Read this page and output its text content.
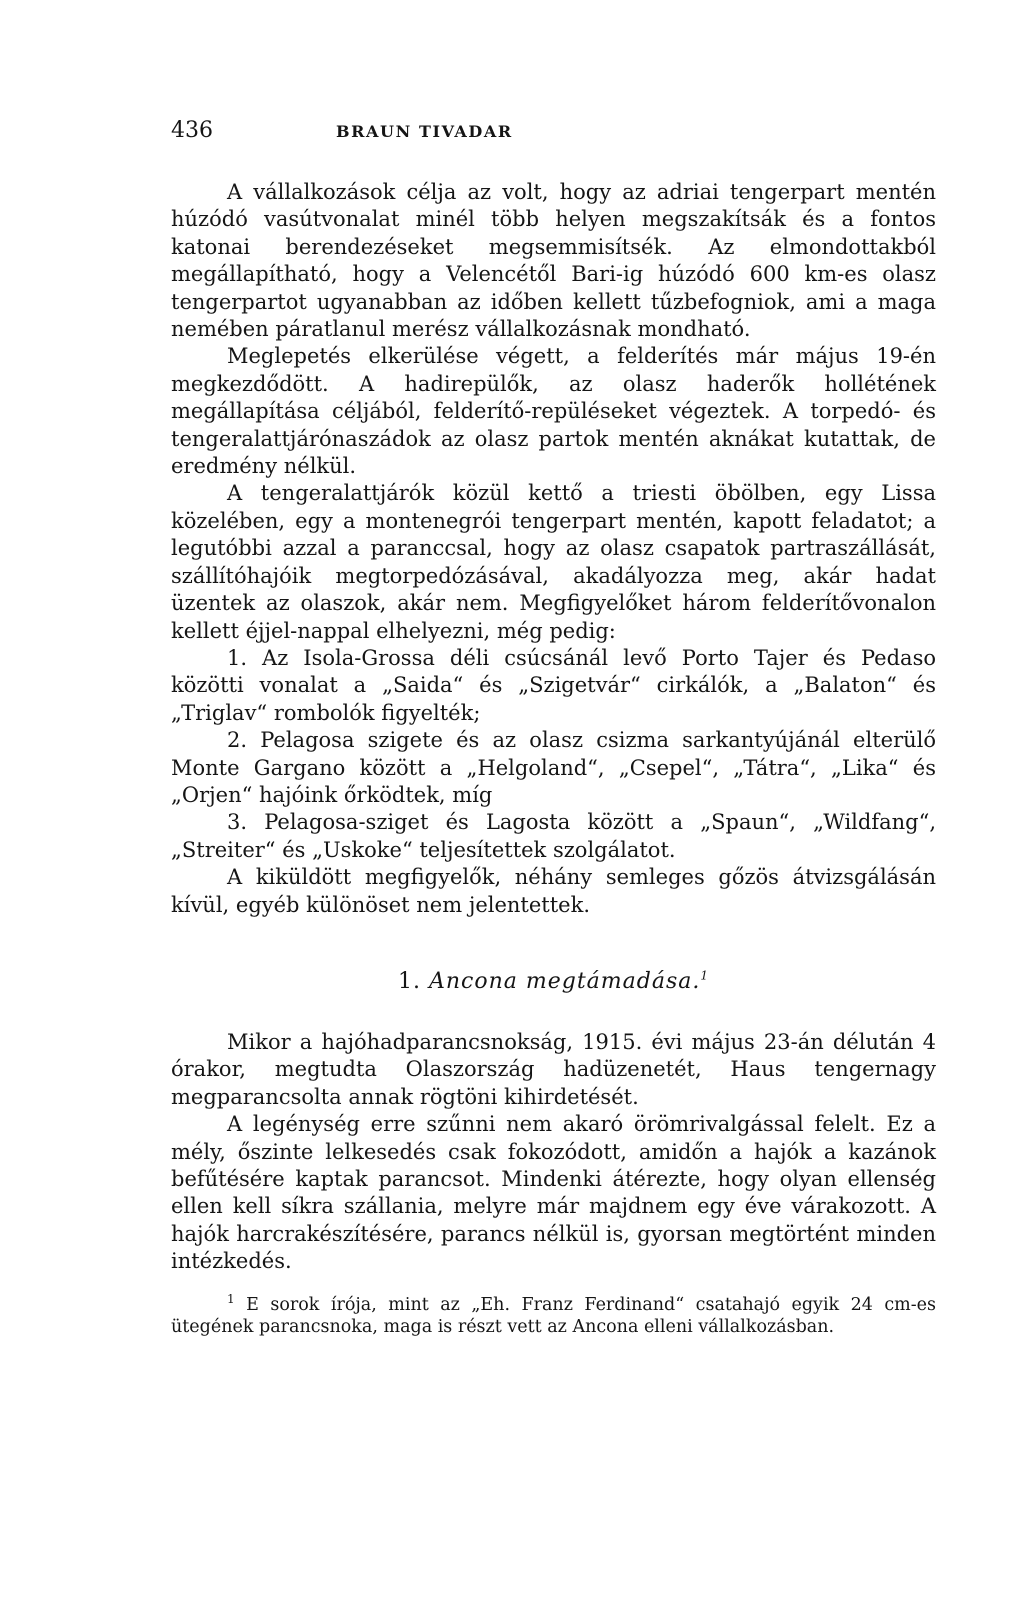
436	BRAUN TIVADAR

A vállalkozások célja az volt, hogy az adriai tengerpart mentén húzódó vasútvonalat minél több helyen megszakítsák és a fontos katonai berendezéseket megsemmisítsék. Az elmondottakból megállapítható, hogy a Velencétől Bari-ig húzódó 600 km-es olasz tengerpartot ugyanabban az időben kellett tűzbefogniok, ami a maga nemében páratlanul merész vállalkozásnak mondható.

Meglepetés elkerülése végett, a felderítés már május 19-én megkezdődött. A hadirepülők, az olasz haderők hollétének megállapítása céljából, felderítő-repüléseket végeztek. A torpedó- és tengeralattjárónaszádok az olasz partok mentén aknákat kutattak, de eredmény nélkül.

A tengeralattjárók közül kettő a triesti öbölben, egy Lissa közelében, egy a montenegrói tengerpart mentén, kapott feladatot; a legutóbbi azzal a paranccsal, hogy az olasz csapatok partraszállását, szállítóhajóik megtorpedózásával, akadályozza meg, akár hadat üzentek az olaszok, akár nem. Megfigyelőket három felderítővonalon kellett éjjel-nappal elhelyezni, még pedig:

1. Az Isola-Grossa déli csúcsánál levő Porto Tajer és Pedaso közötti vonalat a „Saida“ és „Szigetvár“ cirkálók, a „Balaton“ és „Triglav“ rombolók figyelték;

2. Pelagosa szigete és az olasz csizma sarkantyújánál elterülő Monte Gargano között a „Helgoland“, „Csepel“, „Tátra“, „Lika“ és „Orjen“ hajóink őrködtek, míg

3. Pelagosa-sziget és Lagosta között a „Spaun“, „Wildfang“, „Streiter“ és „Uskoke“ teljesítettek szolgálatot.

A kiküldött megfigyelők, néhány semleges gőzös átvizsgálásán kívül, egyéb különöset nem jelentettek.

1. Ancona megtámadása.$^1$

Mikor a hajóhadparancsnokság, 1915. évi május 23-án délután 4 órakor, megtudta Olaszország hadüzenetét, Haus tengernagy megparancsolta annak rögtöni kihirdetését.

A legénység erre szűnni nem akaró örömrivalgással felelt. Ez a mély, őszinte lelkesedés csak fokozódott, amidőn a hajók a kazánok befűtésére kaptak parancsot. Mindenki átérezte, hogy olyan ellenség ellen kell síkra szállania, melyre már majdnem egy éve várakozott. A hajók harcrakészítésére, parancs nélkül is, gyorsan megtörtént minden intézkedés.

$^1$ E sorok írója, mint az „Eh. Franz Ferdinand“ csatahajó egyik 24 cm-es ütegének parancsnoka, maga is részt vett az Ancona elleni vállalkozásban.
